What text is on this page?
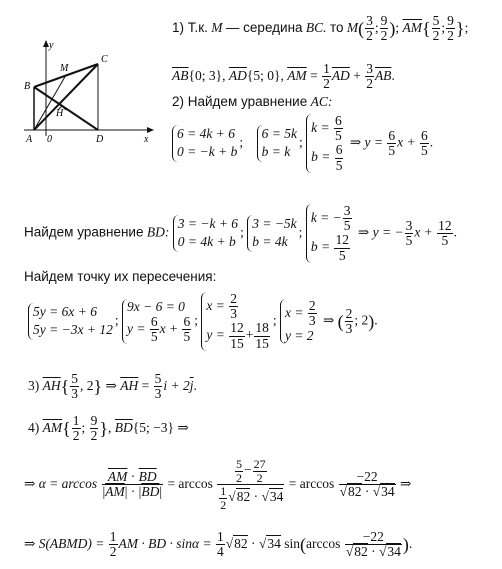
y
x
B
M
C
H
A 0	D
1) Т.к. M — середина BC. то $M( \frac{3}{2}$ ; $\frac{9}{2}$ ); $\overline{AM}\{ \frac{5}{2}$ ; $\frac{9}{2}$ };
$\overline{AB}\{0$; 3}, $\overline{AD}\{5$; 0}, $\overline{AM} = \frac{1}{2} \overline{AD} + \frac{3}{2} \overline{AB}$.
2) Найдем уравнение AC:
6 = 4k + 6
0 = −k + b
;
6 = 5k
b = k
;
$k = \frac{6}{5}$
$b = \frac{6}{5}$
⇒ $y = \frac{6}{5}$ $x + \frac{6}{5}$ .
Найдем уравнение BD:
3 = −k + 6
0 = 4k + b
;
3 = −5k
b = 4k
;
k = − $\frac{3}{5}$
$b = \frac{12}{5}$
⇒ y = − $\frac{3}{5}$ $x + \frac{12}{5}$ .
Найдем точку их пересечения:
5y = 6x + 6
5y = −3x + 12
;
9x − 6 = 0
$y = \frac{6}{5}$ $x + \frac{6}{5}$ ;
$x = \frac{2}{3}$
$y = \frac{12}{15} + \frac{18}{15}$
;
$x = \frac{2}{3}$
y = 2
⇒ ( $\frac{2}{3}$ ; 2).
3) $\overline{AH}\{ \frac{5}{3}$ , 2} ⇒ $\overline{AH} = \frac{5}{3}$ $i + 2\overline{j}$.
4) $\overline{AM}\{ \frac{1}{2}$ ; $\frac{9}{2}$ }, $\overline{BD}\{5$; −3} ⇒
⇒ $\alpha = \arccos \frac{\overline{AM} \cdot \overline{BD}}{|\overline{AM}| \cdot |\overline{BD}|} = \arccos \frac{\frac{5}{2} - \frac{27}{2}}{\frac{1}{2} √82 \cdot √34} = \arccos \frac{-22}{√82 \cdot √34}$ ⇒
⇒ S(ABMD) = $\frac{1}{2}$ AM · BD · $\sin\alpha = \frac{1}{4} √82 \cdot √34$ $\sin(\arccos \frac{-22}{√82 \cdot √34}$ ).
